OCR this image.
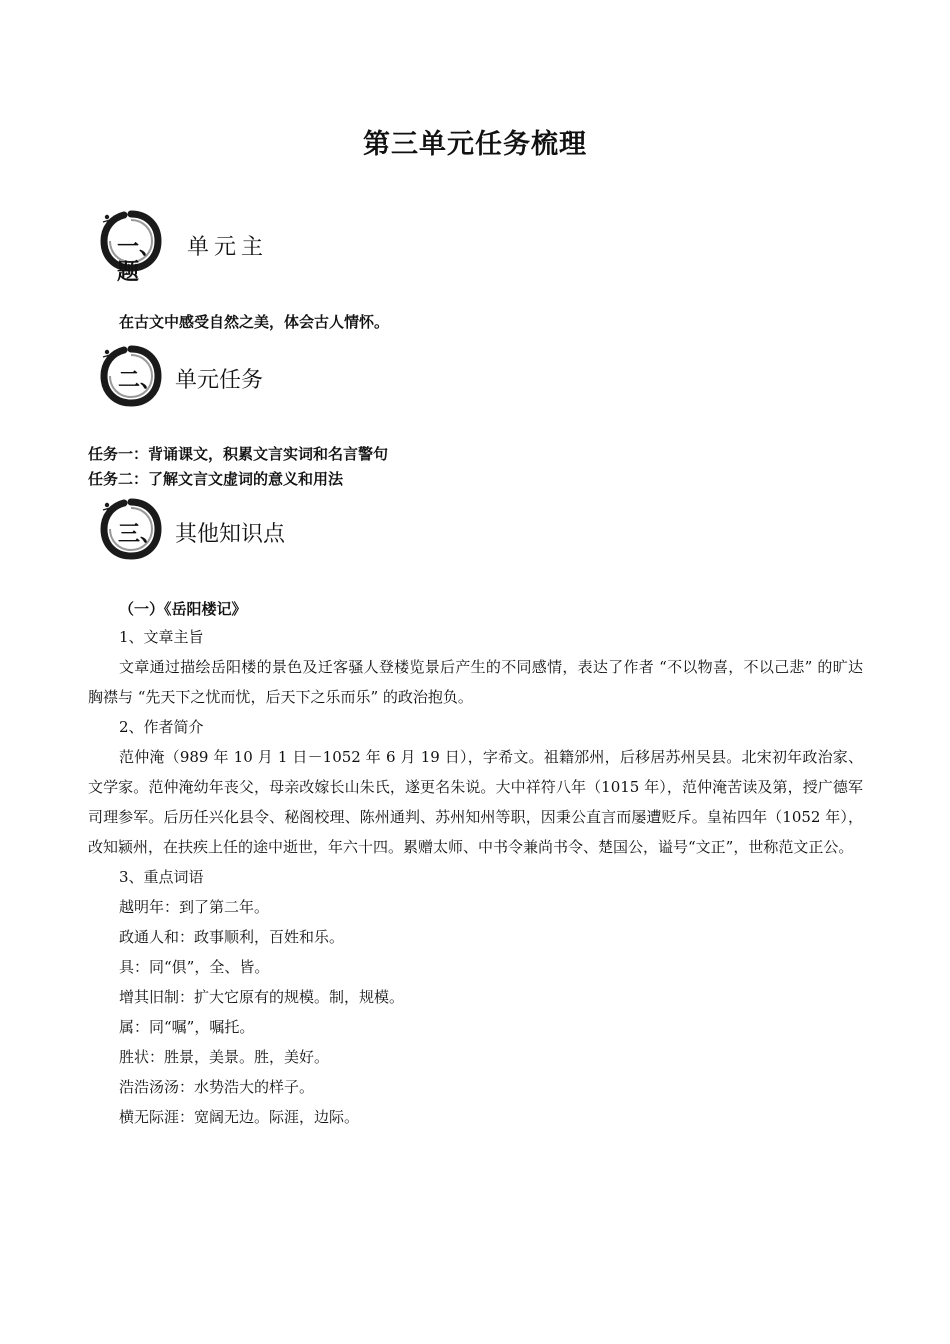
第三单元任务梳理
一、 单元主
题
在古文中感受自然之美，体会古人情怀。
二、 单元任务
任务一：背诵课文，积累文言实词和名言警句
任务二：了解文言文虚词的意义和用法
三、 其他知识点
（一）《岳阳楼记》

1、文章主旨

文章通过描绘岳阳楼的景色及迁客骚人登楼览景后产生的不同感情，表达了作者 “不以物喜，不以己悲” 的旷达胸襟与 “先天下之忧而忧，后天下之乐而乐” 的政治抱负。

2、作者简介

范仲淹（989 年 10 月 1 日－1052 年 6 月 19 日），字希文。祖籍邠州，后移居苏州吴县。北宋初年政治家、文学家。范仲淹幼年丧父，母亲改嫁长山朱氏，遂更名朱说。大中祥符八年（1015 年），范仲淹苦读及第，授广德军司理参军。后历任兴化县令、秘阁校理、陈州通判、苏州知州等职，因秉公直言而屡遭贬斥。皇祐四年（1052 年），改知颍州，在扶疾上任的途中逝世，年六十四。累赠太师、中书令兼尚书令、楚国公，谥号“文正”，世称范文正公。

3、重点词语

越明年：到了第二年。

政通人和：政事顺利，百姓和乐。

具：同“俱”，全、皆。

增其旧制：扩大它原有的规模。制，规模。

属：同“嘱”，嘱托。

胜状：胜景，美景。胜，美好。

浩浩汤汤：水势浩大的样子。

横无际涯：宽阔无边。际涯，边际。
